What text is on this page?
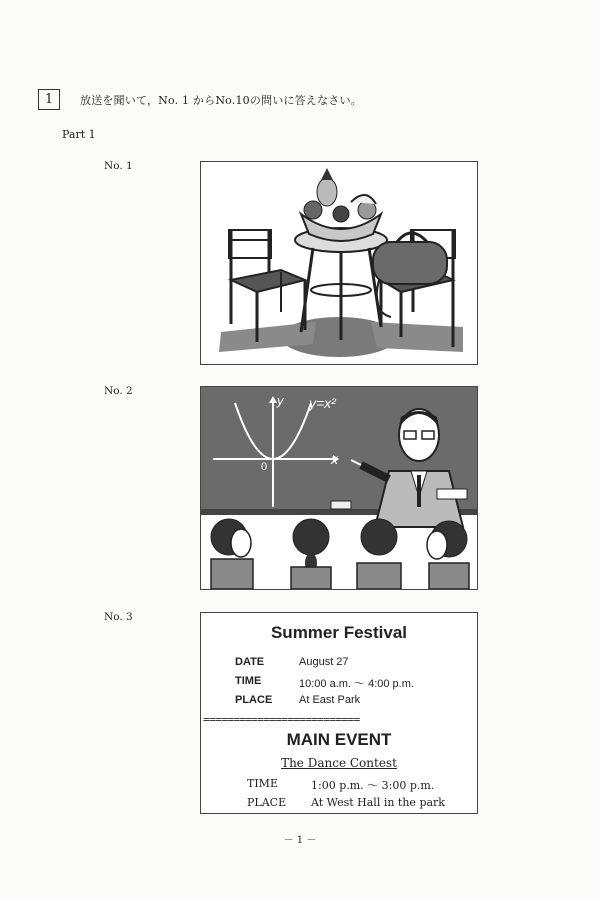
1	放送を聞いて，No. 1 からNo.10の問いに答えなさい。
Part 1
No. 1
No. 2
y y=x²
x
0
No. 3
Summer Festival
DATE	August 27
TIME	10:00 a.m. ～ 4:00 p.m.
PLACE At East Park
==========================
MAIN EVENT
The Dance Contest
TIME	1:00 p.m. ～ 3:00 p.m.
PLACE At West Hall in the park
－ 1 －
